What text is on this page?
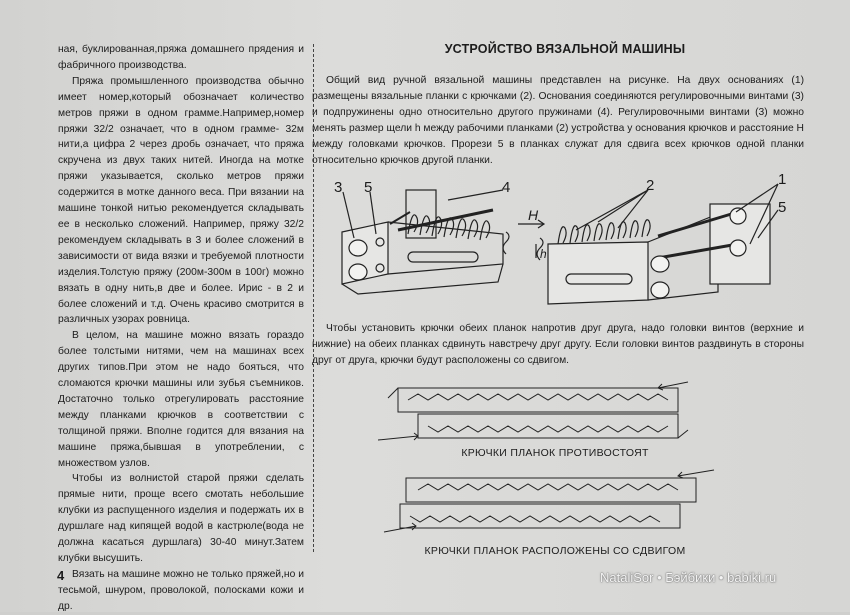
ная, буклированная,пряжа домашнего прядения и фабричного производства.

Пряжа промышленного производства обычно имеет номер,который обозначает количество метров пряжи в одном грамме.Например,номер пряжи 32/2 означает, что в одном грамме- 32м нити,а цифра 2 через дробь означает, что пряжа скручена из двух таких нитей. Иногда на мотке пряжи указывается, сколько метров пряжи содержится в мотке данного веса. При вязании на машине тонкой нитью рекомендуется складывать ее в несколько сложений. Например, пряжу 32/2 рекомендуем складывать в 3 и более сложений в зависимости от вида вязки и требуемой плотности изделия.Толстую пряжу (200м-300м в 100г) можно вязать в одну нить,в две и более. Ирис - в 2 и более сложений и т.д. Очень красиво смотрится в различных узорах ровница.

В целом, на машине можно вязать гораздо более толстыми нитями, чем на машинах всех других типов.При этом не надо бояться, что сломаются крючки машины или зубья съемников. Достаточно только отрегулировать расстояние между планками крючков в соответствии с толщиной пряжи. Вполне годится для вязания на машине пряжа,бывшая в употреблении, с множеством узлов.

Чтобы из волнистой старой пряжи сделать прямые нити, проще всего смотать небольшие клубки из распущенного изделия и подержать их в дуршлаге над кипящей водой в кастрюле(вода не должна касаться дуршлага) 30-40 минут.Затем клубки высушить.

Вязать на машине можно не только пряжей,но и тесьмой, шнуром, проволокой, полосками кожи и др.

УСТРОЙСТВО ВЯЗАЛЬНОЙ МАШИНЫ

Общий вид ручной вязальной машины представлен на рисунке. На двух основаниях (1) размещены вязальные планки с крючками (2). Основания соединяются регулировочными винтами (3) и подпружинены одно относительно другого пружинами (4). Регулировочными винтами (3) можно менять размер щели h между рабочими планками (2) устройства у основания крючков и расстояние H между головками крючков. Прорези 5 в планках служат для сдвига всех крючков одной планки относительно крючков другой планки.

3 5	4	2	1
5
H
h

Чтобы установить крючки обеих планок напротив друг друга, надо головки винтов (верхние и нижние) на обеих планках сдвинуть навстречу друг другу. Если головки винтов раздвинуть в стороны друг от друга, крючки будут расположены со сдвигом.

КРЮЧКИ ПЛАНОК ПРОТИВОСТОЯТ
КРЮЧКИ ПЛАНОК РАСПОЛОЖЕНЫ СО СДВИГОМ
4	NataliSor • Бэйбики • babiki.ru
